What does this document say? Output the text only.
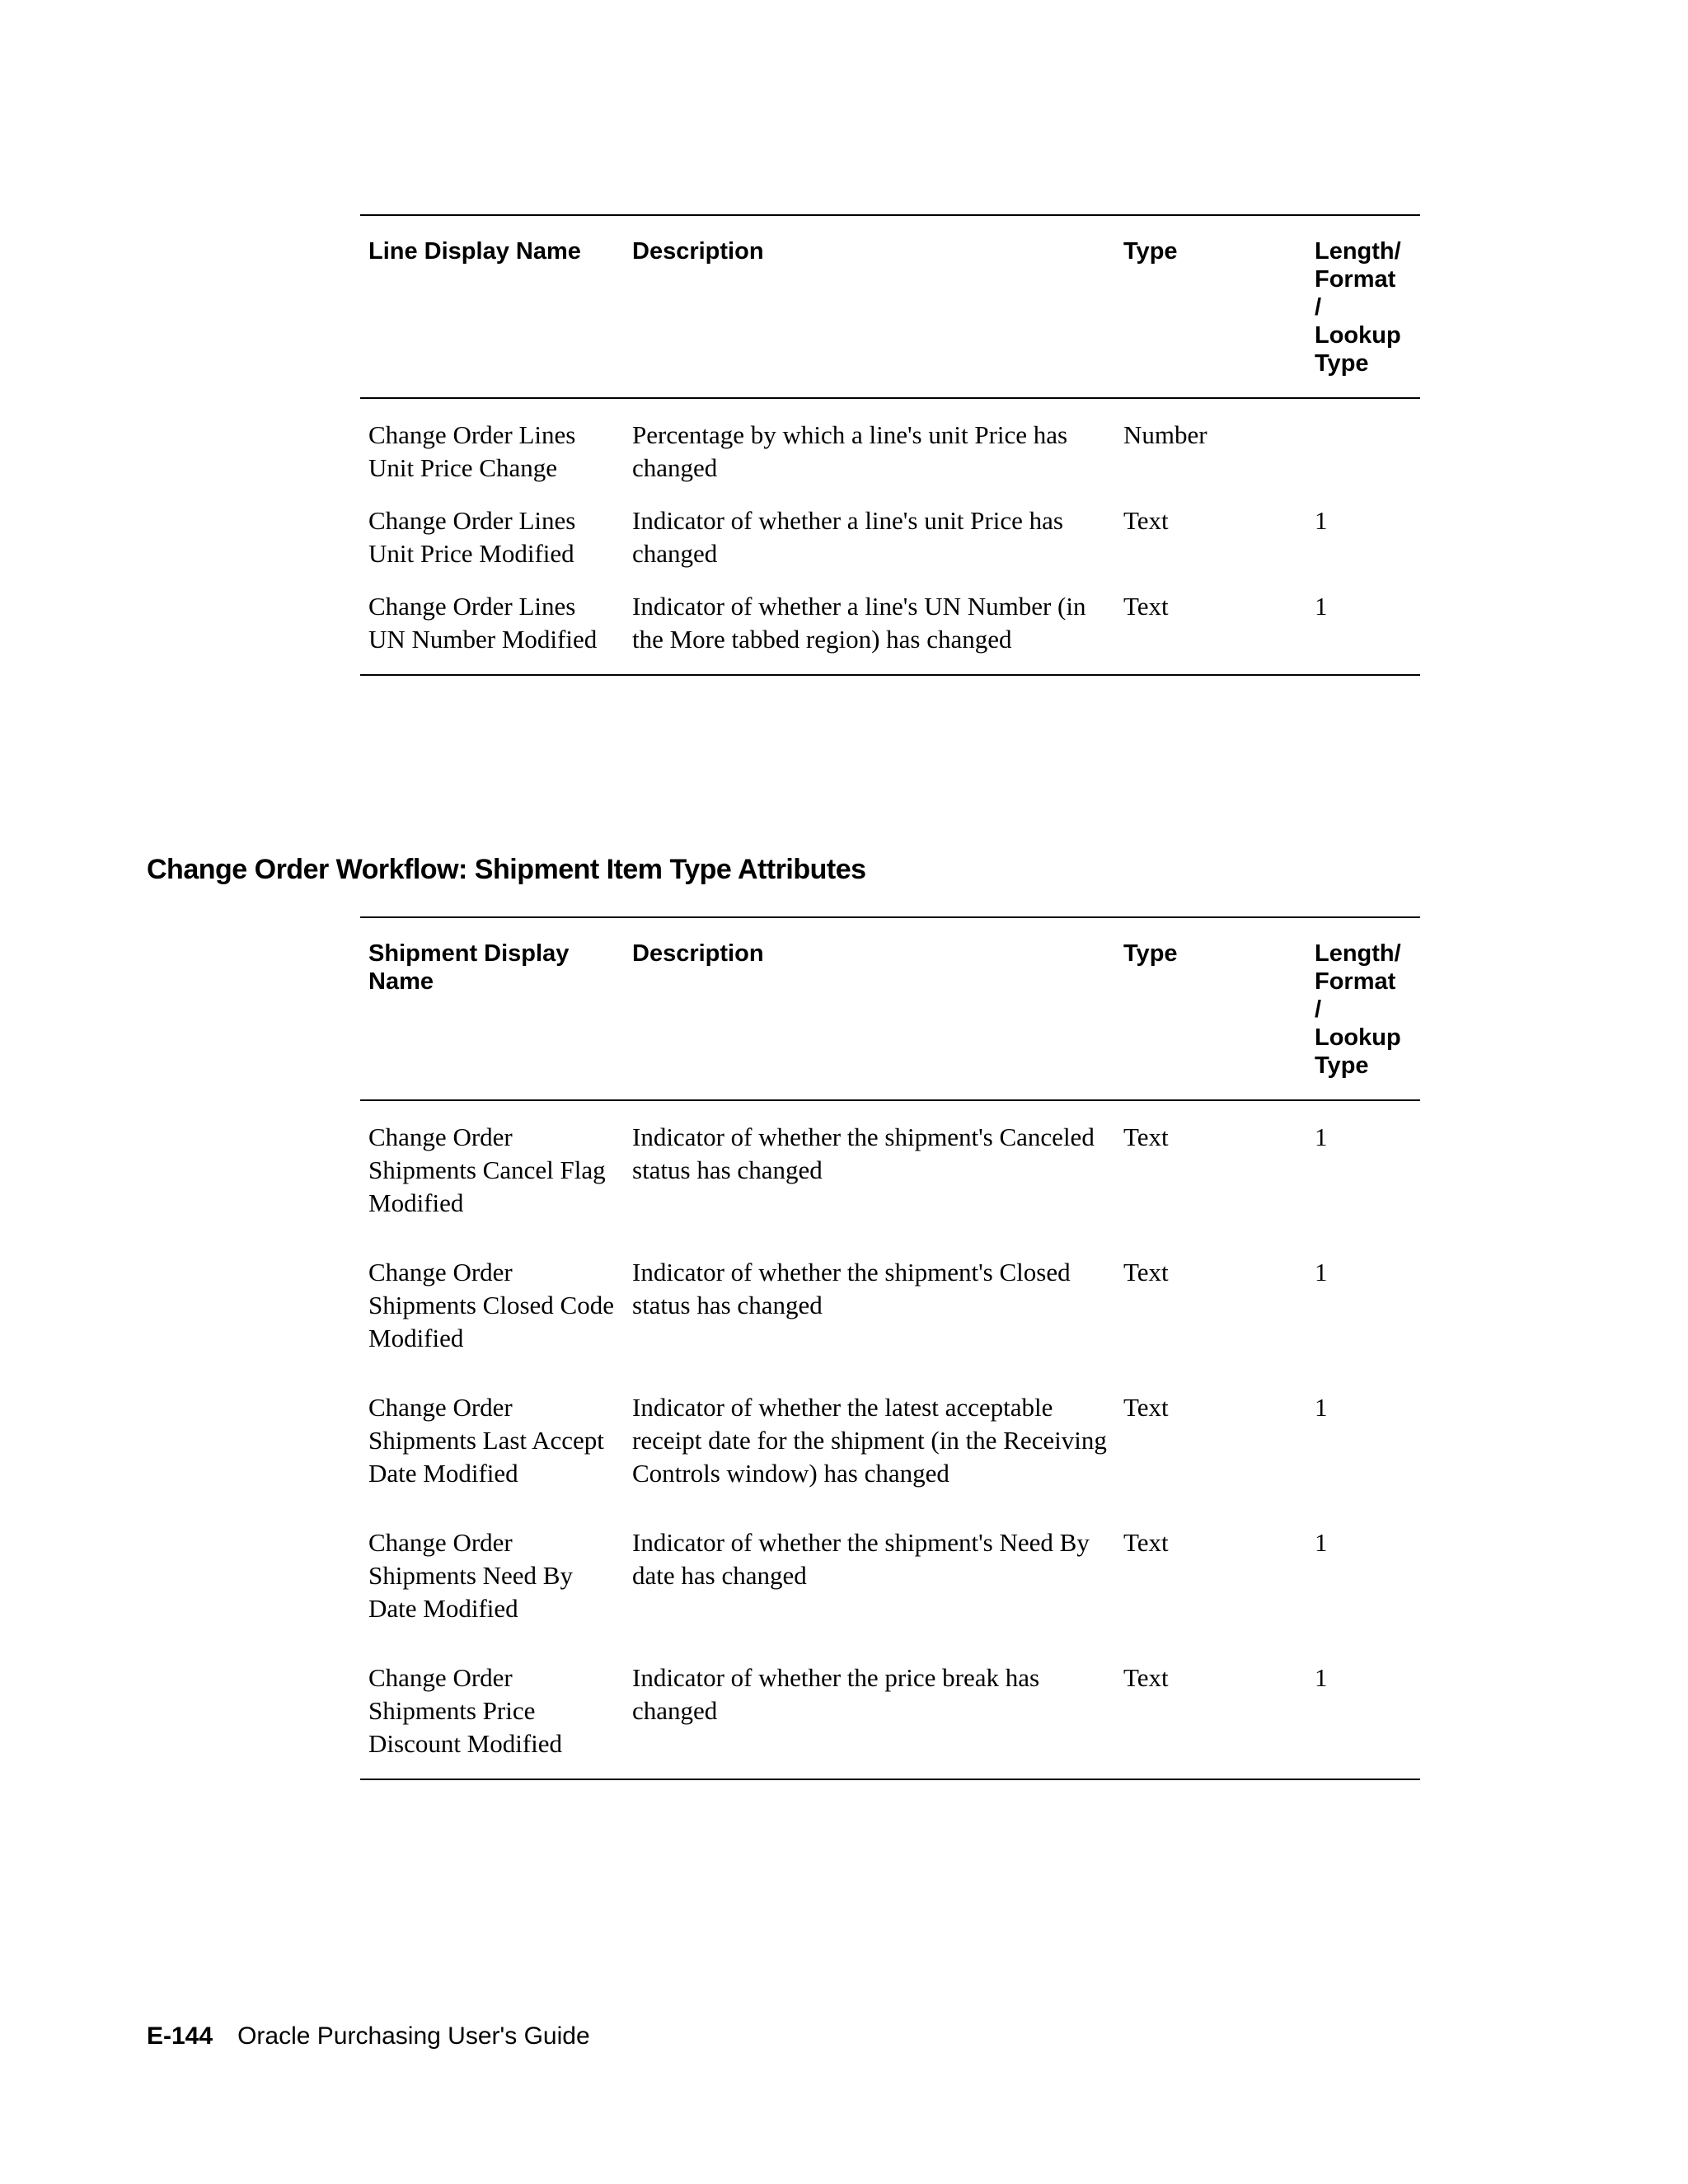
Line Display Name	Description	Type	Length/
Format
/
Lookup
Type
Change Order Lines Unit Price Change	Percentage by which a line's unit Price has changed	Number	
Change Order Lines Unit Price Modified	Indicator of whether a line's unit Price has changed	Text	1
Change Order Lines UN Number Modified	Indicator of whether a line's UN Number (in the More tabbed region) has changed	Text	1
Change Order Workflow: Shipment Item Type Attributes
Shipment Display Name	Description	Type	Length/
Format
/
Lookup
Type
Change Order Shipments Cancel Flag Modified	Indicator of whether the shipment's Canceled status has changed	Text	1
Change Order Shipments Closed Code Modified	Indicator of whether the shipment's Closed status has changed	Text	1
Change Order Shipments Last Accept Date Modified	Indicator of whether the latest acceptable receipt date for the shipment (in the Receiving Controls window) has changed	Text	1
Change Order Shipments Need By Date Modified	Indicator of whether the shipment's Need By date has changed	Text	1
Change Order Shipments Price Discount Modified	Indicator of whether the price break has changed	Text	1
E-144 Oracle Purchasing User's Guide
